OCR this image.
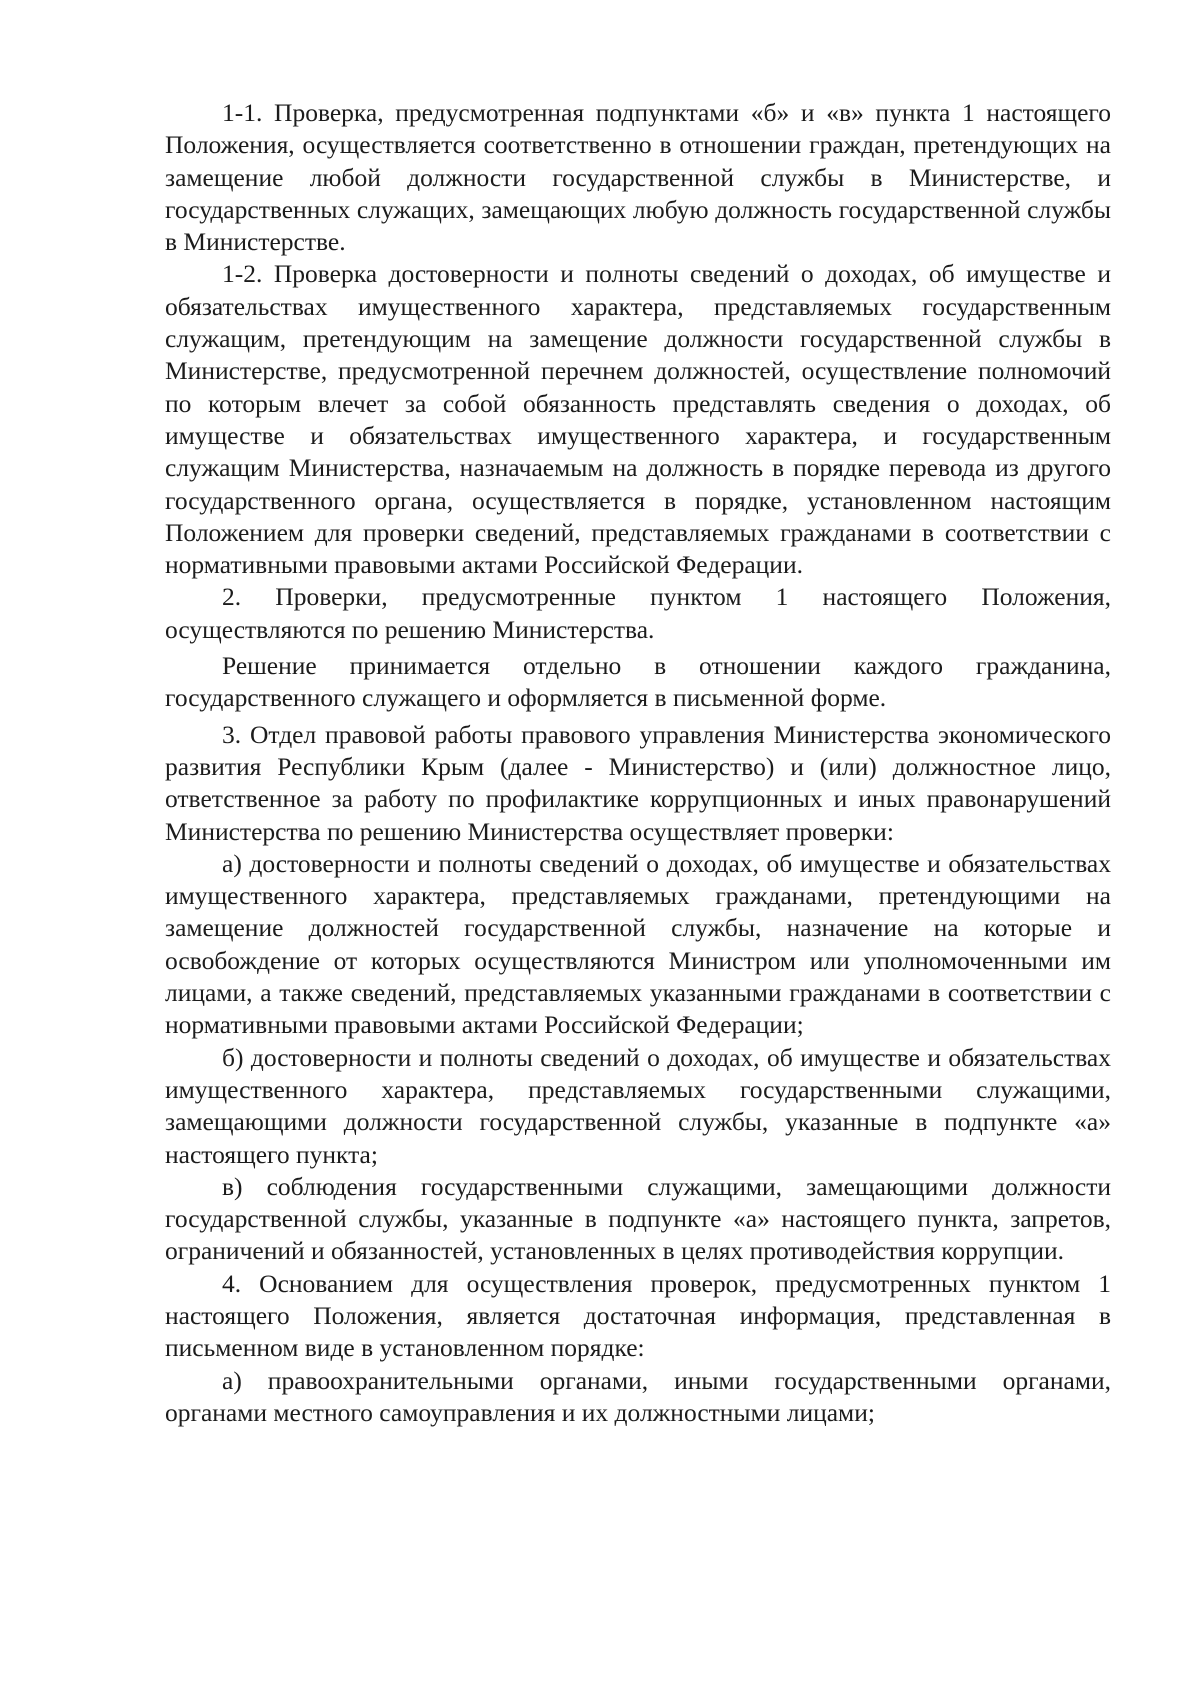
1-1. Проверка, предусмотренная подпунктами «б» и «в» пункта 1 настоящего Положения, осуществляется соответственно в отношении граждан, претендующих на замещение любой должности государственной службы в Министерстве, и государственных служащих, замещающих любую должность государственной службы в Министерстве.

1-2. Проверка достоверности и полноты сведений о доходах, об имуществе и обязательствах имущественного характера, представляемых государственным служащим, претендующим на замещение должности государственной службы в Министерстве, предусмотренной перечнем должностей, осуществление полномочий по которым влечет за собой обязанность представлять сведения о доходах, об имуществе и обязательствах имущественного характера, и государственным служащим Министерства, назначаемым на должность в порядке перевода из другого государственного органа, осуществляется в порядке, установленном настоящим Положением для проверки сведений, представляемых гражданами в соответствии с нормативными правовыми актами Российской Федерации.

2. Проверки, предусмотренные пунктом 1 настоящего Положения, осуществляются по решению Министерства.

Решение принимается отдельно в отношении каждого гражданина, государственного служащего и оформляется в письменной форме.

3. Отдел правовой работы правового управления Министерства экономического развития Республики Крым (далее - Министерство) и (или) должностное лицо, ответственное за работу по профилактике коррупционных и иных правонарушений Министерства по решению Министерства осуществляет проверки:

а) достоверности и полноты сведений о доходах, об имуществе и обязательствах имущественного характера, представляемых гражданами, претендующими на замещение должностей государственной службы, назначение на которые и освобождение от которых осуществляются Министром или уполномоченными им лицами, а также сведений, представляемых указанными гражданами в соответствии с нормативными правовыми актами Российской Федерации;

б) достоверности и полноты сведений о доходах, об имуществе и обязательствах имущественного характера, представляемых государственными служащими, замещающими должности государственной службы, указанные в подпункте «а» настоящего пункта;

в) соблюдения государственными служащими, замещающими должности государственной службы, указанные в подпункте «а» настоящего пункта, запретов, ограничений и обязанностей, установленных в целях противодействия коррупции.

4. Основанием для осуществления проверок, предусмотренных пунктом 1 настоящего Положения, является достаточная информация, представленная в письменном виде в установленном порядке:

а) правоохранительными органами, иными государственными органами, органами местного самоуправления и их должностными лицами;
